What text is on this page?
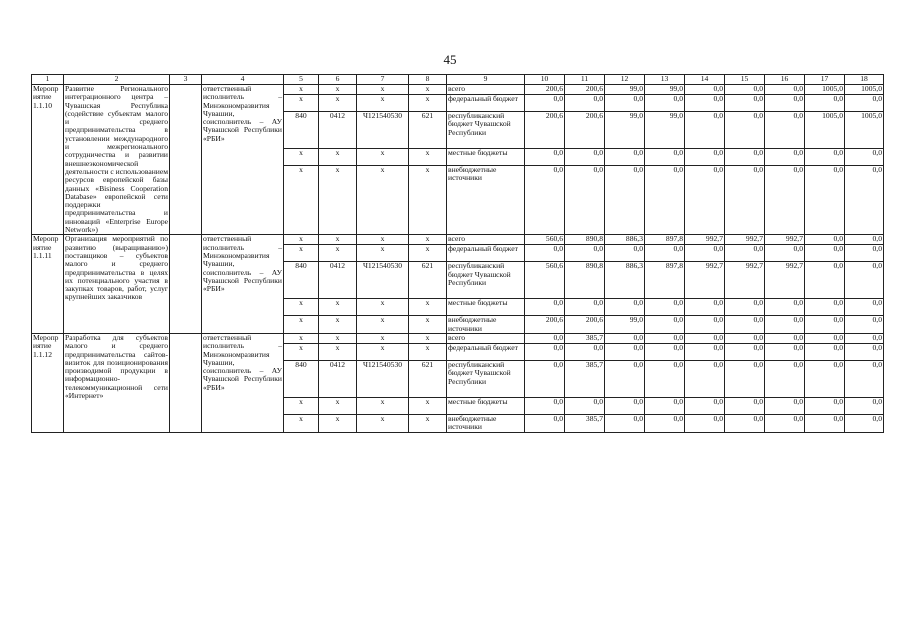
45
1	2	3	4	5	6	7	8	9	10	11	12	13	14	15	16	17	18
Мероприятие 1.1.10	Развитие Регионального интеграционного центра – Чувашская Республика (содействие субъектам малого и среднего предпринимательства в установлении международного и межрегионального сотрудничества и развитии внешнеэкономической деятельности с использованием ресурсов европейской базы данных «Bisiness Cooperation Database» европейской сети поддержки предпринимательства и инноваций «Enterprise Europe Network»)		ответственный исполнитель – Минэкономразвития Чувашии, соисполнитель – АУ Чувашской Республики «РБИ»	x	x	x	x	всего	200,6	200,6	99,0	99,0	0,0	0,0	0,0	1005,0	1005,0
				x	x	x	x	федеральный бюджет	0,0	0,0	0,0	0,0	0,0	0,0	0,0	0,0	0,0
				840	0412	Ч121540530	621	республиканский бюджет Чувашской Республики	200,6	200,6	99,0	99,0	0,0	0,0	0,0	1005,0	1005,0
				x	x	x	x	местные бюджеты	0,0	0,0	0,0	0,0	0,0	0,0	0,0	0,0	0,0
				x	x	x	x	внебюджетные источники	0,0	0,0	0,0	0,0	0,0	0,0	0,0	0,0	0,0
Мероприятие 1.1.11	Организация мероприятий по развитию (выращиванию») поставщиков – субъектов малого и среднего предпринимательства в целях их потенциального участия в закупках товаров, работ, услуг крупнейших заказчиков		ответственный исполнитель – Минэкономразвития Чувашии, соисполнитель – АУ Чувашской Республики «РБИ»	x	x	x	x	всего	560,6	890,8	886,3	897,8	992,7	992,7	992,7	0,0	0,0
				x	x	x	x	федеральный бюджет	0,0	0,0	0,0	0,0	0,0	0,0	0,0	0,0	0,0
				840	0412	Ч121540530	621	республиканский бюджет Чувашской Республики	560,6	890,8	886,3	897,8	992,7	992,7	992,7	0,0	0,0
				x	x	x	x	местные бюджеты	0,0	0,0	0,0	0,0	0,0	0,0	0,0	0,0	0,0
				x	x	x	x	внебюджетные источники	200,6	200,6	99,0	0,0	0,0	0,0	0,0	0,0	0,0
Мероприятие 1.1.12	Разработка для субъектов малого и среднего предпринимательства сайтов-визиток для позиционирования производимой продукции в информационно-телекоммуникационной сети «Интернет»		ответственный исполнитель – Минэкономразвития Чувашии, соисполнитель – АУ Чувашской Республики «РБИ»	x	x	x	x	всего	0,0	385,7	0,0	0,0	0,0	0,0	0,0	0,0	0,0
				x	x	x	x	федеральный бюджет	0,0	0,0	0,0	0,0	0,0	0,0	0,0	0,0	0,0
				840	0412	Ч121540530	621	республиканский бюджет Чувашской Республики	0,0	385,7	0,0	0,0	0,0	0,0	0,0	0,0	0,0
				x	x	x	x	местные бюджеты	0,0	0,0	0,0	0,0	0,0	0,0	0,0	0,0	0,0
				x	x	x	x	внебюджетные источники	0,0	385,7	0,0	0,0	0,0	0,0	0,0	0,0	0,0
